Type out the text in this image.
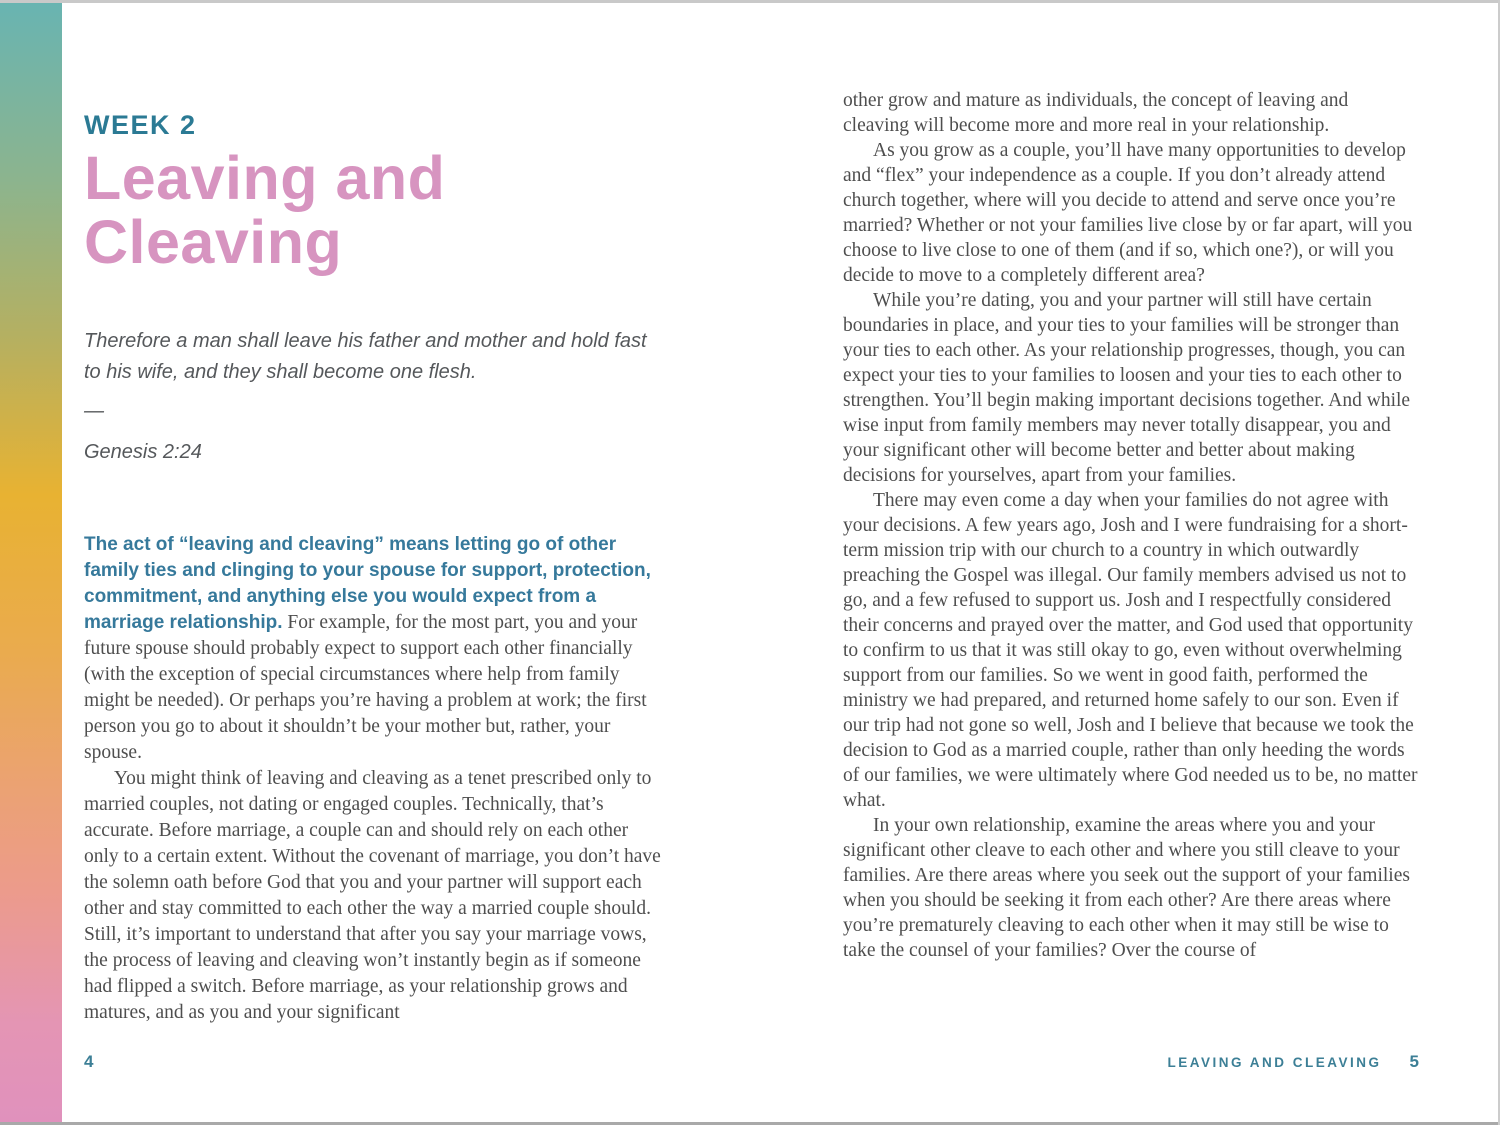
WEEK 2
Leaving and Cleaving
Therefore a man shall leave his father and mother and hold fast to his wife, and they shall become one flesh.
—
Genesis 2:24

The act of “leaving and cleaving” means letting go of other family ties and clinging to your spouse for support, protection, commitment, and anything else you would expect from a marriage relationship. For example, for the most part, you and your future spouse should probably expect to support each other financially (with the exception of special circumstances where help from family might be needed). Or perhaps you’re having a problem at work; the first person you go to about it shouldn’t be your mother but, rather, your spouse.

You might think of leaving and cleaving as a tenet prescribed only to married couples, not dating or engaged couples. Technically, that’s accurate. Before marriage, a couple can and should rely on each other only to a certain extent. Without the covenant of marriage, you don’t have the solemn oath before God that you and your partner will support each other and stay committed to each other the way a married couple should. Still, it’s important to understand that after you say your marriage vows, the process of leaving and cleaving won’t instantly begin as if someone had flipped a switch. Before marriage, as your relationship grows and matures, and as you and your significant

4

other grow and mature as individuals, the concept of leaving and cleaving will become more and more real in your relationship.

As you grow as a couple, you’ll have many opportunities to develop and “flex” your independence as a couple. If you don’t already attend church together, where will you decide to attend and serve once you’re married? Whether or not your families live close by or far apart, will you choose to live close to one of them (and if so, which one?), or will you decide to move to a completely different area?

While you’re dating, you and your partner will still have certain boundaries in place, and your ties to your families will be stronger than your ties to each other. As your relationship progresses, though, you can expect your ties to your families to loosen and your ties to each other to strengthen. You’ll begin making important decisions together. And while wise input from family members may never totally disappear, you and your significant other will become better and better about making decisions for yourselves, apart from your families.

There may even come a day when your families do not agree with your decisions. A few years ago, Josh and I were fundraising for a short-term mission trip with our church to a country in which outwardly preaching the Gospel was illegal. Our family members advised us not to go, and a few refused to support us. Josh and I respectfully considered their concerns and prayed over the matter, and God used that opportunity to confirm to us that it was still okay to go, even without overwhelming support from our families. So we went in good faith, performed the ministry we had prepared, and returned home safely to our son. Even if our trip had not gone so well, Josh and I believe that because we took the decision to God as a married couple, rather than only heeding the words of our families, we were ultimately where God needed us to be, no matter what.

In your own relationship, examine the areas where you and your significant other cleave to each other and where you still cleave to your families. Are there areas where you seek out the support of your families when you should be seeking it from each other? Are there areas where you’re prematurely cleaving to each other when it may still be wise to take the counsel of your families? Over the course of

LEAVING AND CLEAVING 5
